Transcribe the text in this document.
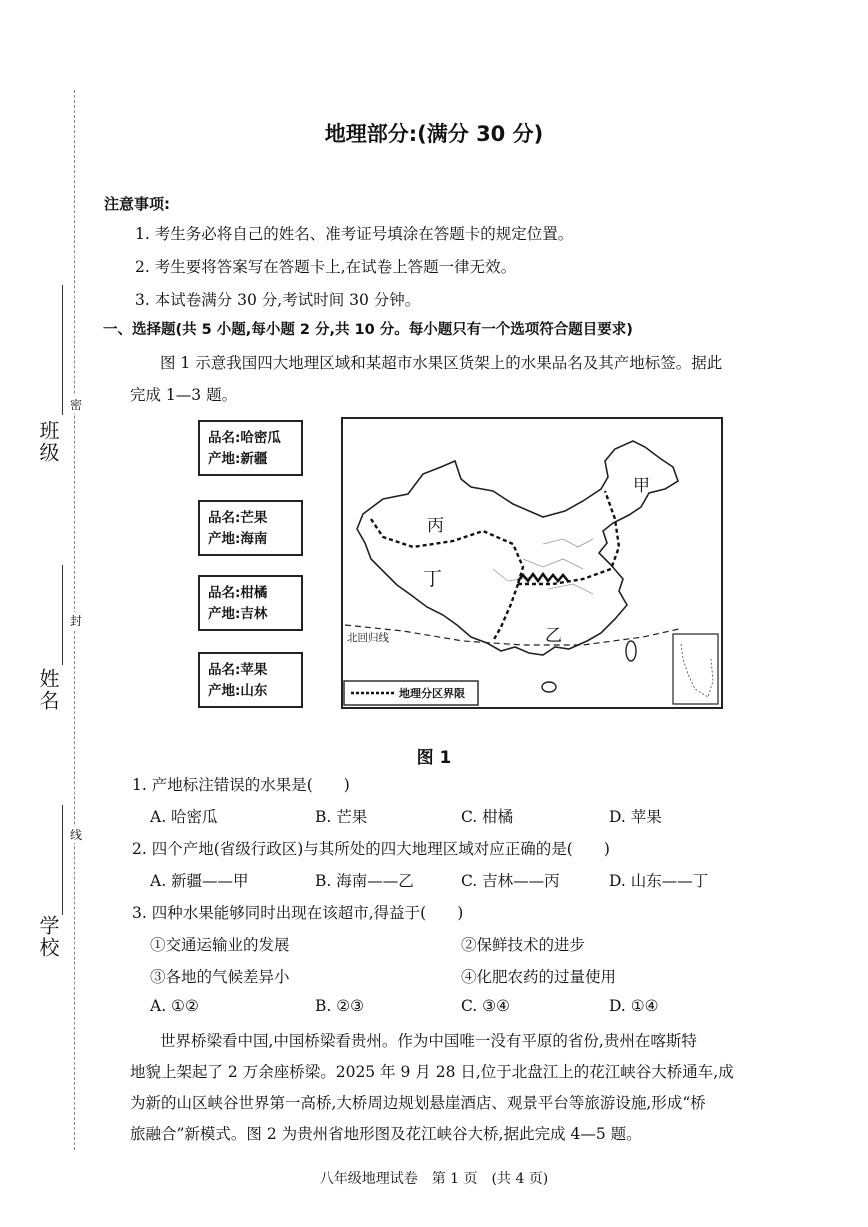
班级
姓名
学校
密
封
线
地理部分:(满分 30 分)
注意事项:
1. 考生务必将自己的姓名、准考证号填涂在答题卡的规定位置。
2. 考生要将答案写在答题卡上,在试卷上答题一律无效。
3. 本试卷满分 30 分,考试时间 30 分钟。
一、选择题(共 5 小题,每小题 2 分,共 10 分。每小题只有一个选项符合题目要求)
图 1 示意我国四大地理区域和某超市水果区货架上的水果品名及其产地标签。据此
完成 1—3 题。
品名:哈密瓜
产地:新疆
品名:芒果
产地:海南
品名:柑橘
产地:吉林
品名:苹果
产地:山东
丙
丁
甲
乙
北回归线
地理分区界限
图 1
1. 产地标注错误的水果是(　　)
A. 哈密瓜	B. 芒果	C. 柑橘	D. 苹果
2. 四个产地(省级行政区)与其所处的四大地理区域对应正确的是(　　)
A. 新疆——甲	B. 海南——乙	C. 吉林——丙	D. 山东——丁
3. 四种水果能够同时出现在该超市,得益于(　　)
①交通运输业的发展	②保鲜技术的进步
③各地的气候差异小	④化肥农药的过量使用
A. ①②	B. ②③	C. ③④	D. ①④
世界桥梁看中国,中国桥梁看贵州。作为中国唯一没有平原的省份,贵州在喀斯特
地貌上架起了 2 万余座桥梁。2025 年 9 月 28 日,位于北盘江上的花江峡谷大桥通车,成
为新的山区峡谷世界第一高桥,大桥周边规划悬崖酒店、观景平台等旅游设施,形成“桥
旅融合”新模式。图 2 为贵州省地形图及花江峡谷大桥,据此完成 4—5 题。
八年级地理试卷　第 1 页　(共 4 页)
